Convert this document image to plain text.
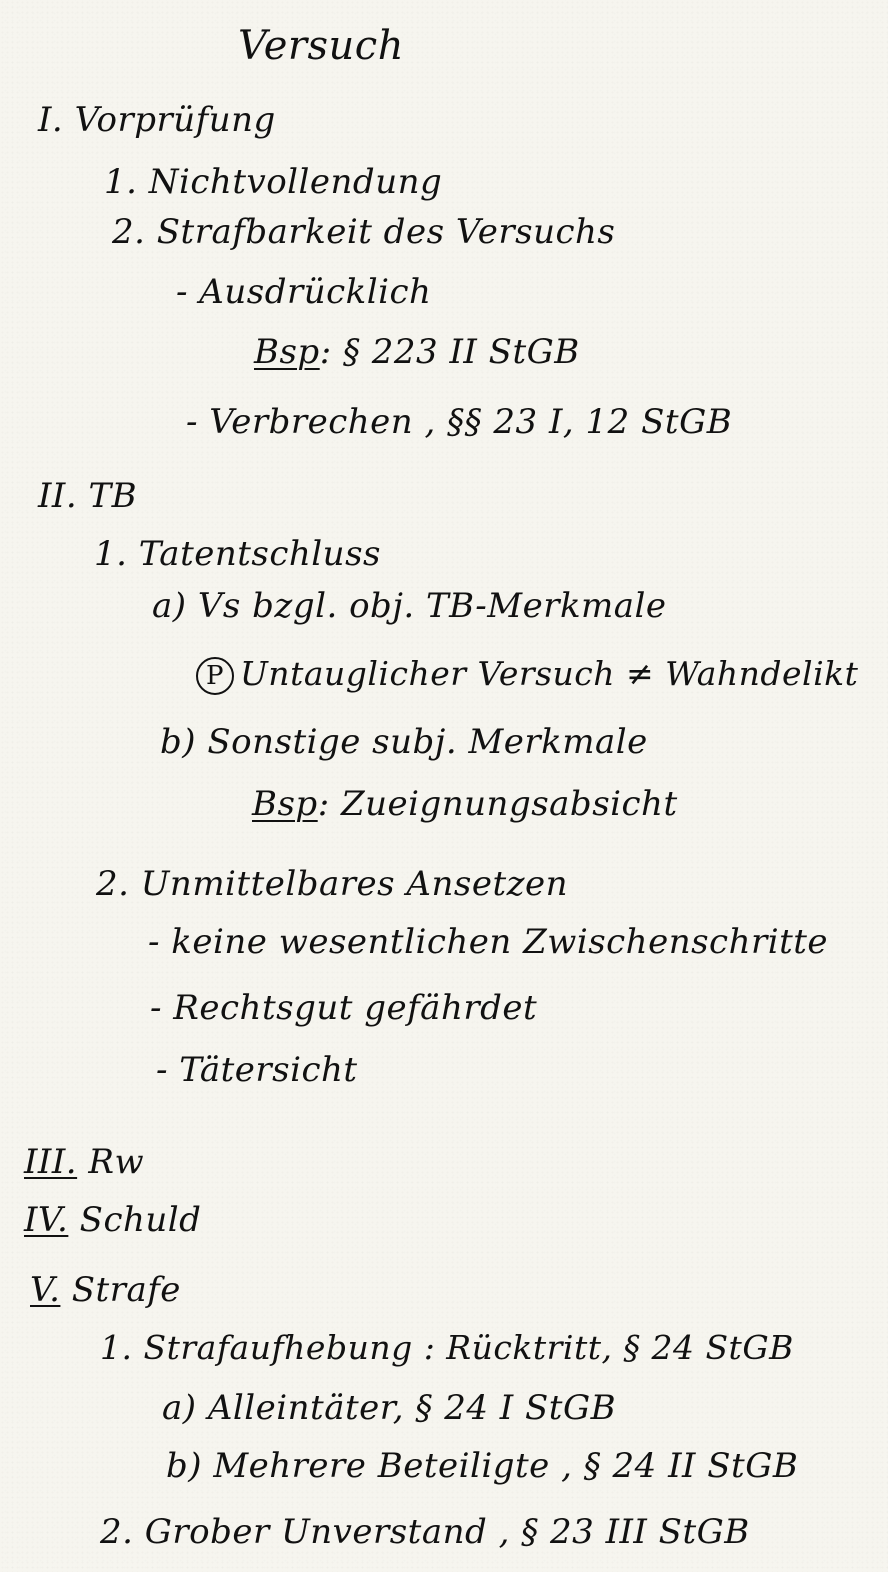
Versuch
I. Vorprüfung
1. Nichtvollendung
2. Strafbarkeit des Versuchs
- Ausdrücklich
Bsp: § 223 II StGB
- Verbrechen , §§ 23 I, 12 StGB
II. TB
1. Tatentschluss
a) Vs bzgl. obj. TB-Merkmale
P Untauglicher Versuch ≠ Wahndelikt
b) Sonstige subj. Merkmale
Bsp: Zueignungsabsicht
2. Unmittelbares Ansetzen
- keine wesentlichen Zwischenschritte
- Rechtsgut gefährdet
- Tätersicht
III. Rw
IV. Schuld
V. Strafe
1. Strafaufhebung : Rücktritt, § 24 StGB
a) Alleintäter, § 24 I StGB
b) Mehrere Beteiligte , § 24 II StGB
2. Grober Unverstand , § 23 III StGB
